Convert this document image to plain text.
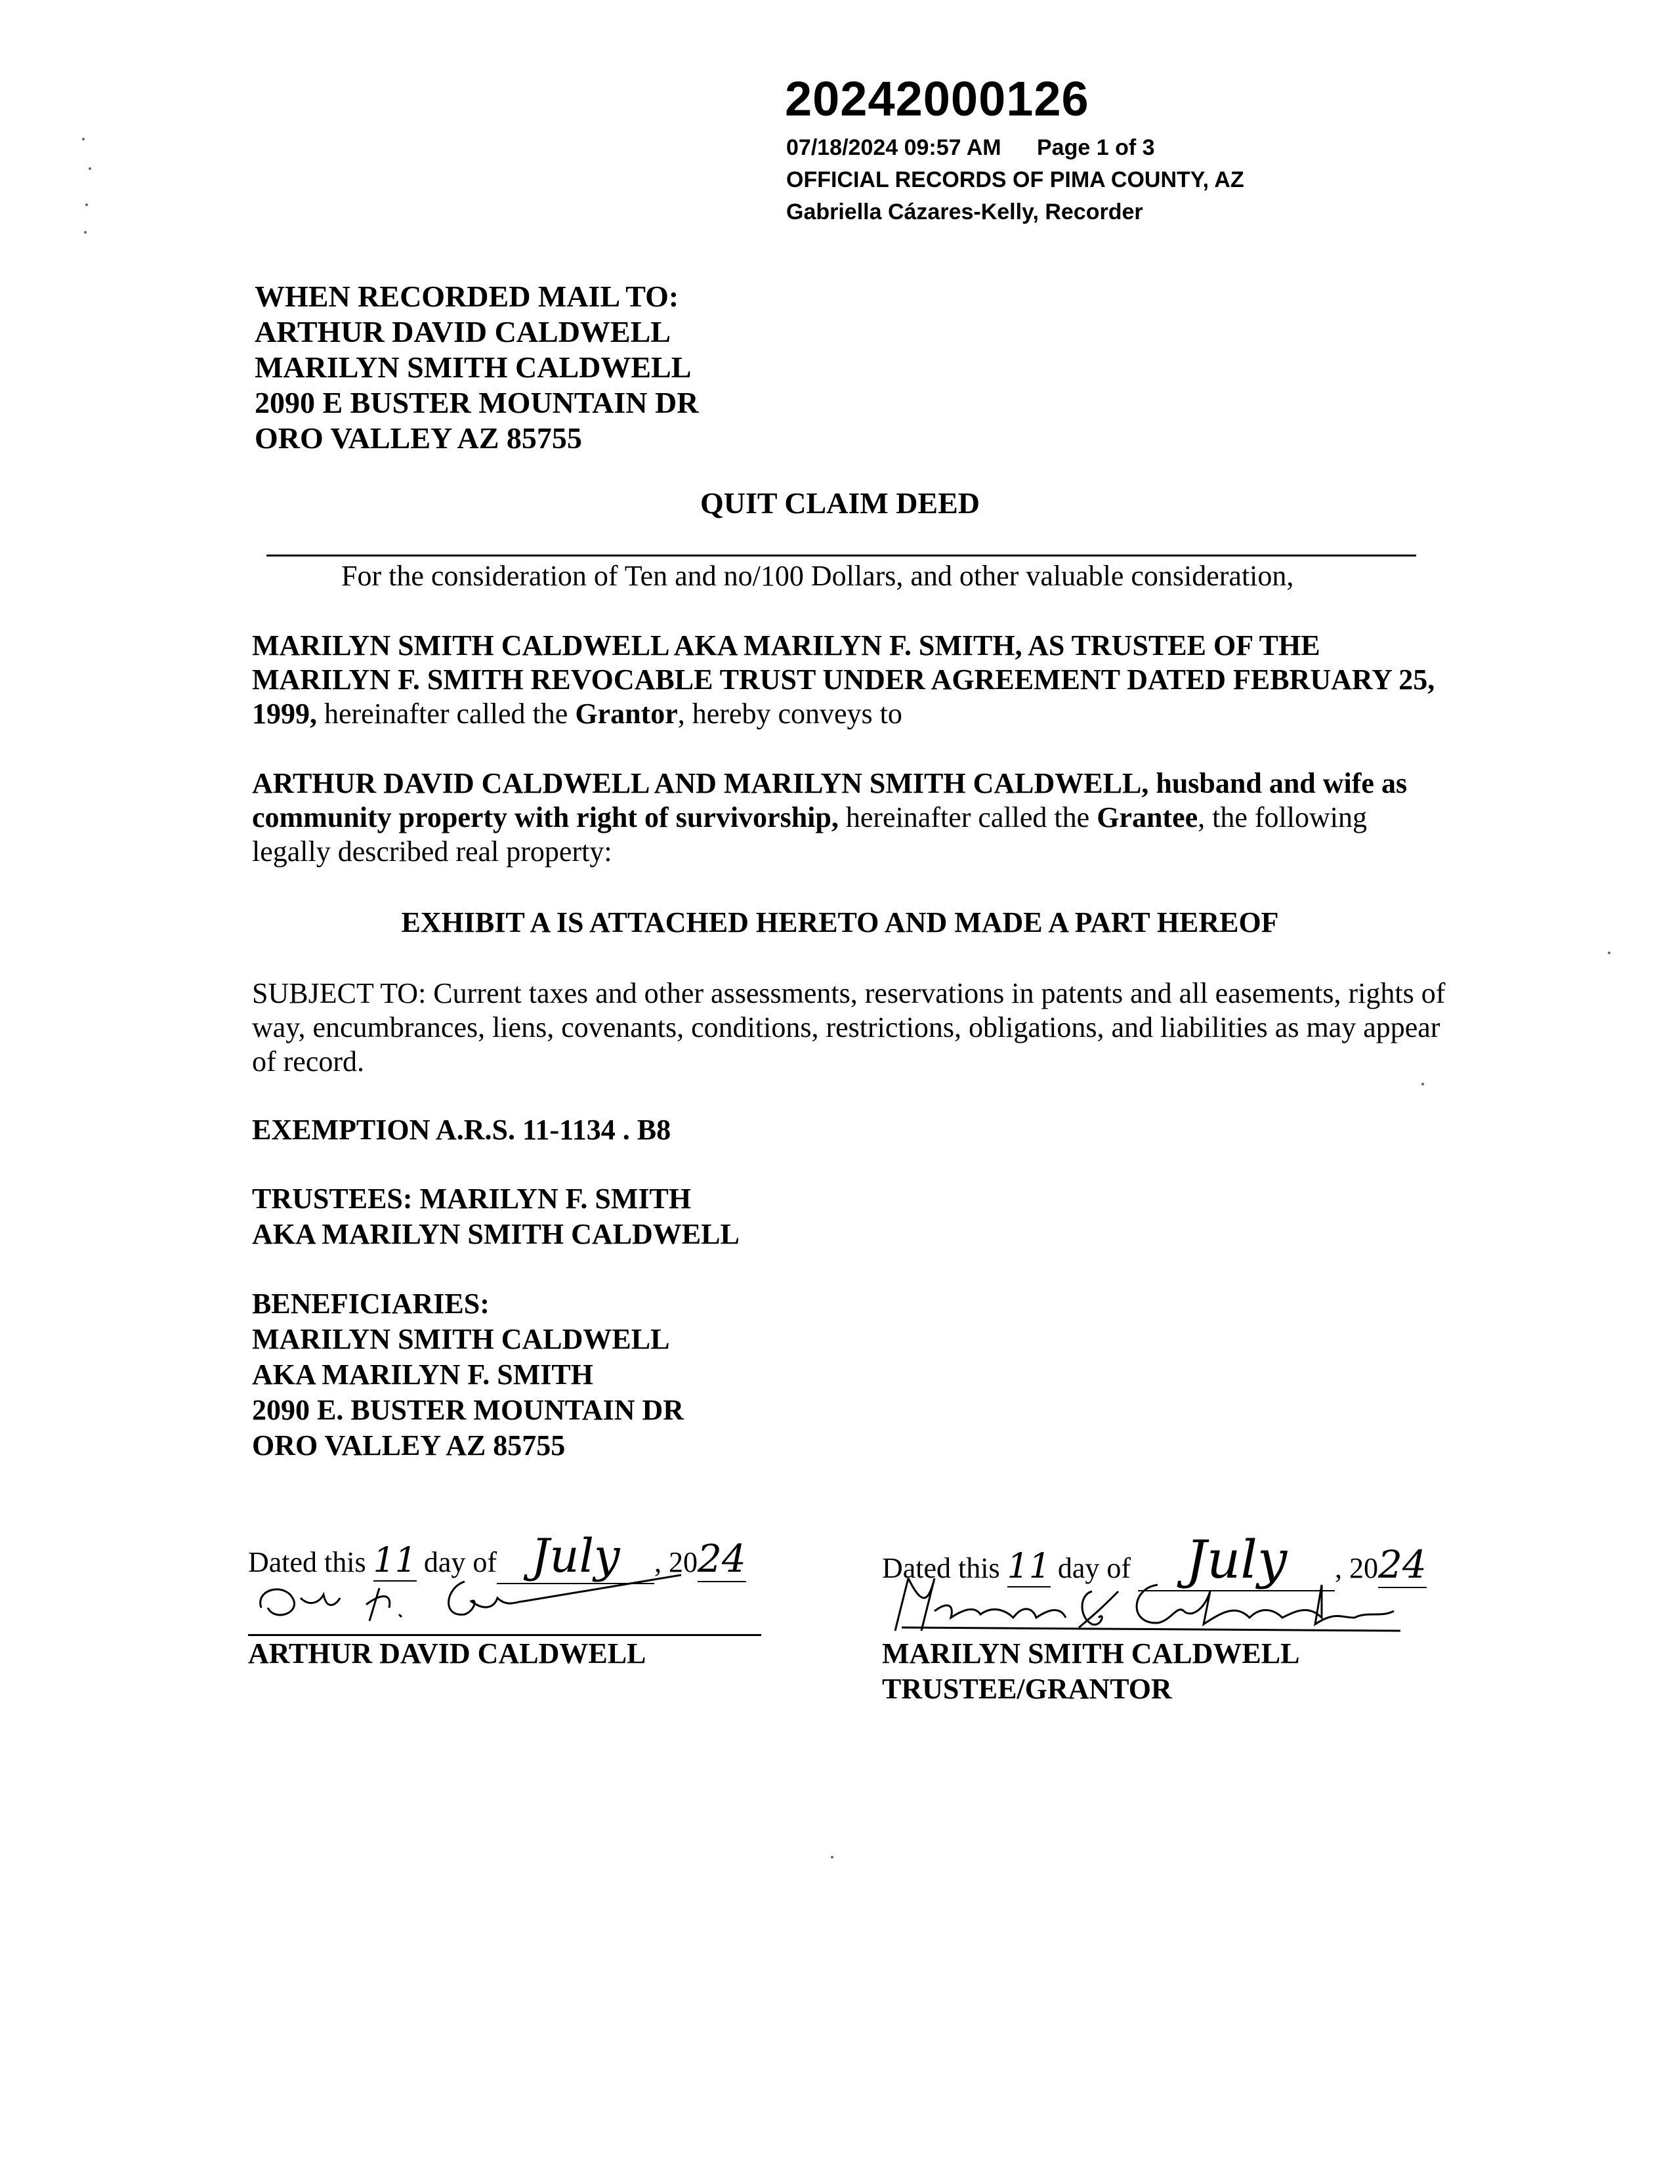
20242000126
07/18/2024 09:57 AM Page 1 of 3
OFFICIAL RECORDS OF PIMA COUNTY, AZ
Gabriella Cázares-Kelly, Recorder
WHEN RECORDED MAIL TO:
ARTHUR DAVID CALDWELL
MARILYN SMITH CALDWELL
2090 E BUSTER MOUNTAIN DR
ORO VALLEY AZ 85755
QUIT CLAIM DEED
For the consideration of Ten and no/100 Dollars, and other valuable consideration,
MARILYN SMITH CALDWELL AKA MARILYN F. SMITH, AS TRUSTEE OF THE MARILYN F. SMITH REVOCABLE TRUST UNDER AGREEMENT DATED FEBRUARY 25, 1999, hereinafter called the Grantor, hereby conveys to
ARTHUR DAVID CALDWELL AND MARILYN SMITH CALDWELL, husband and wife as community property with right of survivorship, hereinafter called the Grantee, the following legally described real property:
EXHIBIT A IS ATTACHED HERETO AND MADE A PART HEREOF
SUBJECT TO: Current taxes and other assessments, reservations in patents and all easements, rights of way, encumbrances, liens, covenants, conditions, restrictions, obligations, and liabilities as may appear of record.
EXEMPTION A.R.S. 11-1134 . B8
TRUSTEES: MARILYN F. SMITH
AKA MARILYN SMITH CALDWELL
BENEFICIARIES:
MARILYN SMITH CALDWELL
AKA MARILYN F. SMITH
2090 E. BUSTER MOUNTAIN DR
ORO VALLEY AZ 85755
Dated this 11 day of July , 2024
ARTHUR DAVID CALDWELL
Dated this 11 day of July , 2024
MARILYN SMITH CALDWELL
TRUSTEE/GRANTOR
